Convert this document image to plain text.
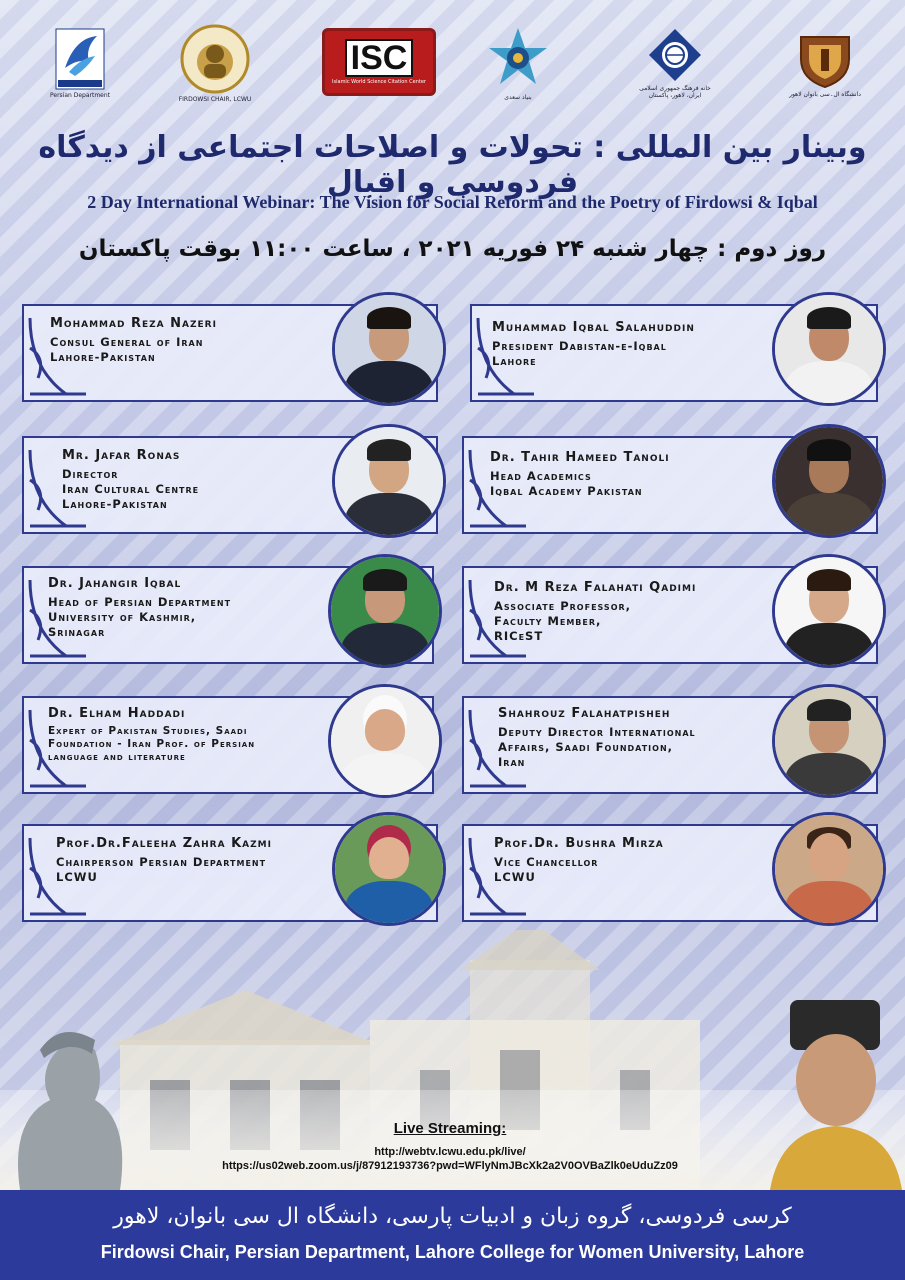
Persian Department
FIRDOWSI CHAIR, LCWU
ISC
Islamic World Science Citation Center
بنیاد سعدی
خانه فرهنگ جمهوری اسلامی ایران، لاهور، پاکستان	دانشگاه ال۔سی بانوان لاهور
وبینار بین المللی : تحولات و اصلاحات اجتماعی از دیدگاه فردوسی و اقبال
2 Day International Webinar: The Vision for Social Reform and the Poetry of Firdowsi & Iqbal
روز دوم : چهار شنبه ۲۴ فوریه ۲۰۲۱ ، ساعت ۱۱:۰۰ بوقت پاکستان
Mohammad Reza Nazeri
Consul General of Iran
Lahore-Pakistan
Mr. Jafar Ronas
Director
Iran Cultural Centre
Lahore-Pakistan
Dr. Jahangir Iqbal
Head of Persian Department
University of Kashmir,
Srinagar
Dr. Elham Haddadi
Expert of Pakistan Studies, Saadi
Foundation - Iran Prof. of Persian
language and literature
Prof.Dr.Faleeha Zahra Kazmi
Chairperson Persian Department
LCWU
Muhammad Iqbal Salahuddin
President Dabistan-e-Iqbal
Lahore
Dr. Tahir Hameed Tanoli
Head Academics
Iqbal Academy Pakistan
Dr. M Reza Falahati Qadimi
Associate Professor,
Faculty Member,
RICeST
Shahrouz Falahatpisheh
Deputy Director International
Affairs, Saadi Foundation,
Iran
Prof.Dr. Bushra Mirza
Vice Chancellor
LCWU
Live Streaming:
http://webtv.lcwu.edu.pk/live/
https://us02web.zoom.us/j/87912193736?pwd=WFlyNmJBcXk2a2V0OVBaZlk0eUduZz09
کرسی فردوسی، گروه زبان و ادبیات پارسی، دانشگاه ال سی بانوان، لاهور
Firdowsi Chair, Persian Department, Lahore College for Women University, Lahore
